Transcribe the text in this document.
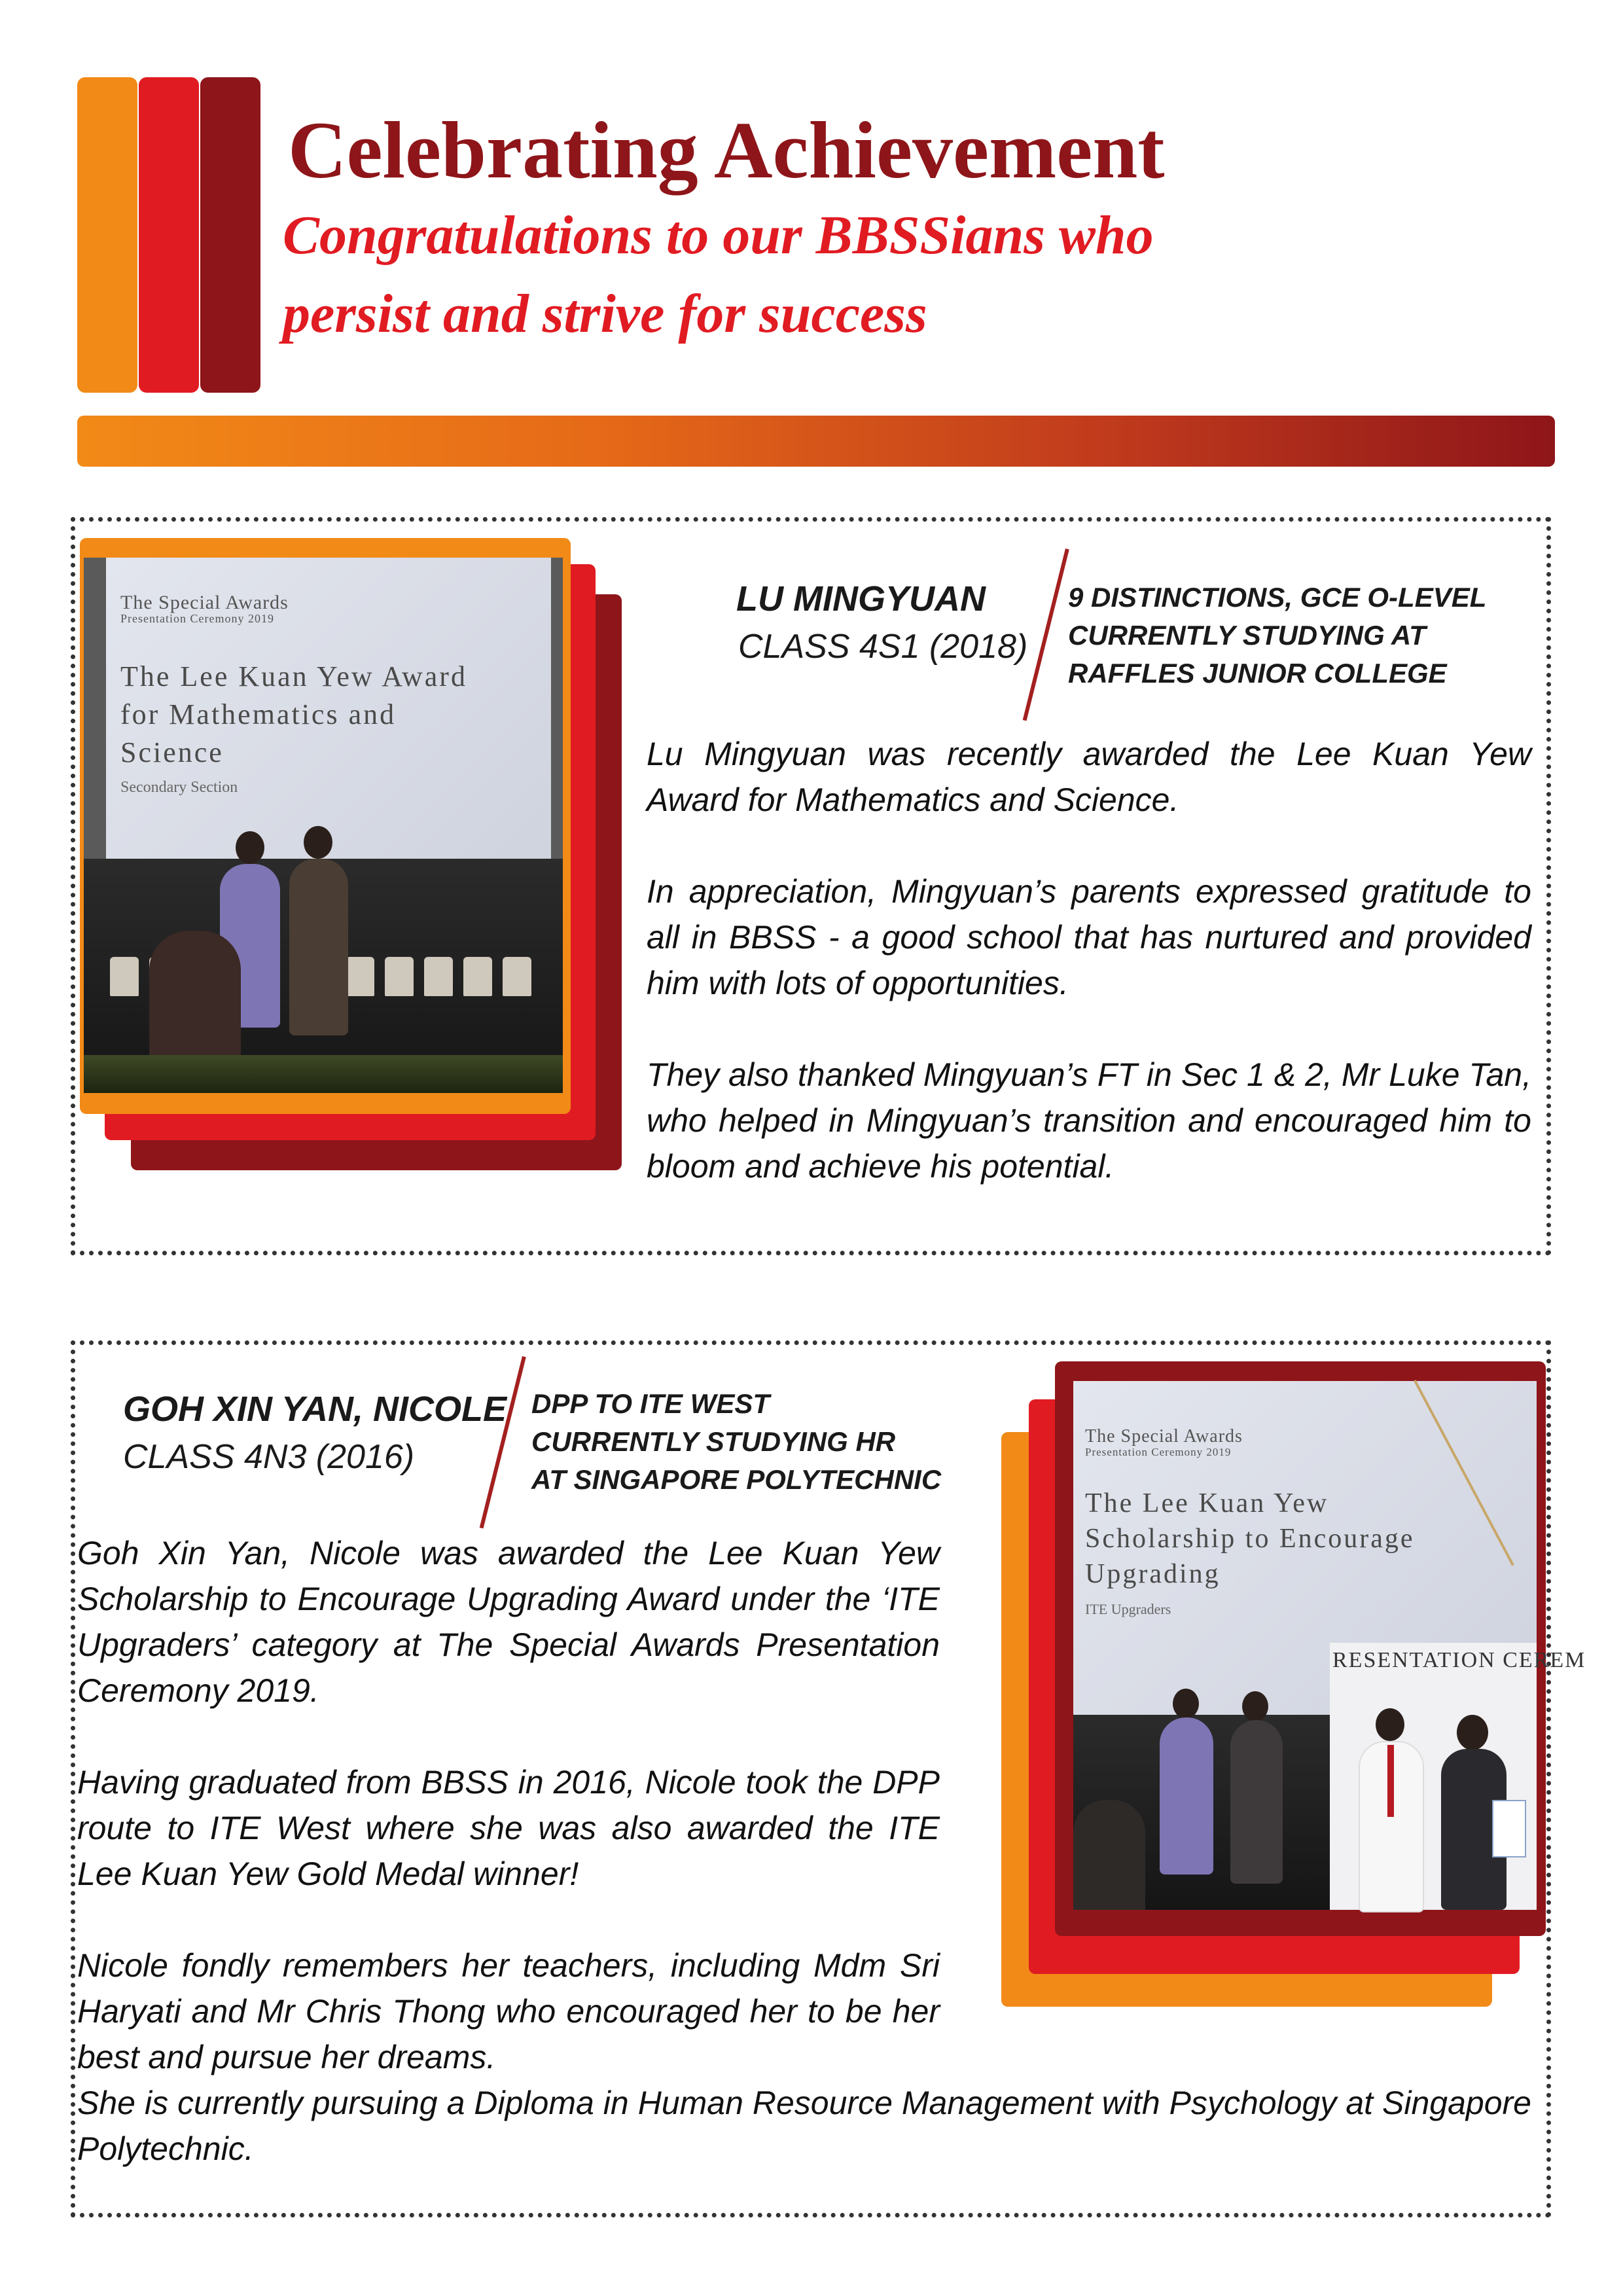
Celebrating Achievement

Congratulations to our BBSSians who

persist and strive for success

The Special Awards
Presentation Ceremony 2019
The Lee Kuan Yew Award
for Mathematics and
Science
Secondary Section
LU MINGYUAN
CLASS 4S1 (2018)
9 DISTINCTIONS, GCE O-LEVEL
CURRENTLY STUDYING AT
RAFFLES JUNIOR COLLEGE

Lu Mingyuan was recently awarded the Lee Kuan Yew Award for Mathematics and Science.

In appreciation, Mingyuan’s parents expressed gratitude to all in BBSS - a good school that has nurtured and provided him with lots of opportunities.

They also thanked Mingyuan’s FT in Sec 1 & 2, Mr Luke Tan, who helped in Mingyuan’s transition and encouraged him to bloom and achieve his potential.

GOH XIN YAN, NICOLE
CLASS 4N3 (2016)
DPP TO ITE WEST
CURRENTLY STUDYING HR
AT SINGAPORE POLYTECHNIC

Goh Xin Yan, Nicole was awarded the Lee Kuan Yew Scholarship to Encourage Upgrading Award under the ‘ITE Upgraders’ category at The Special Awards Presentation Ceremony 2019.

Having graduated from BBSS in 2016, Nicole took the DPP route to ITE West where she was also awarded the ITE Lee Kuan Yew Gold Medal winner!

Nicole fondly remembers her teachers, including Mdm Sri Haryati and Mr Chris Thong who encouraged her to be her best and pursue her dreams.

She is currently pursuing a Diploma in Human Resource Management with Psychology at Singapore Polytechnic.

The Special Awards
Presentation Ceremony 2019
The Lee Kuan Yew
Scholarship to Encourage
Upgrading
ITE Upgraders
RESENTATION CEREM
